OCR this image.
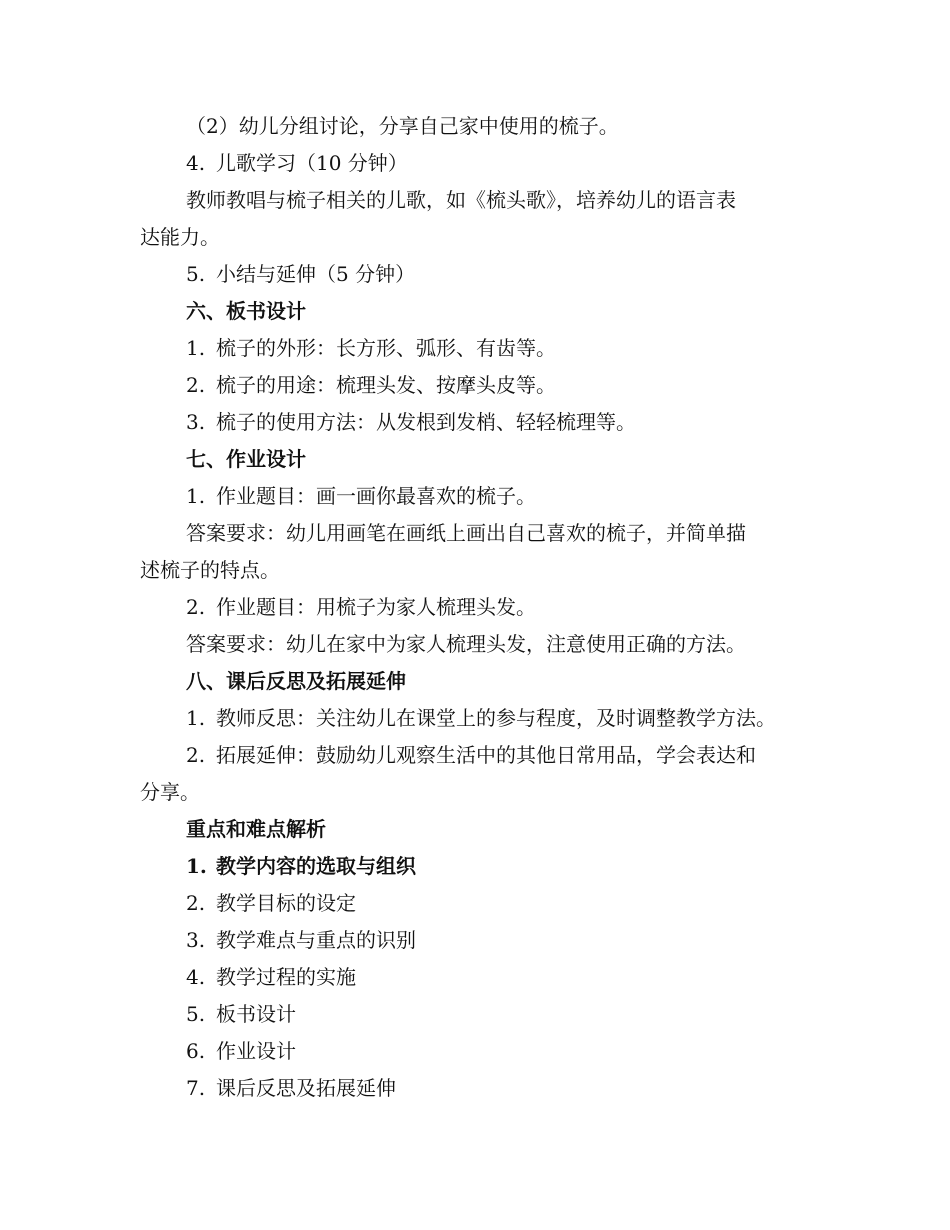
（2）幼儿分组讨论，分享自己家中使用的梳子。
4. 儿歌学习（10 分钟）
教师教唱与梳子相关的儿歌，如《梳头歌》，培养幼儿的语言表
达能力。
5. 小结与延伸（5 分钟）
六、板书设计
1. 梳子的外形：长方形、弧形、有齿等。
2. 梳子的用途：梳理头发、按摩头皮等。
3. 梳子的使用方法：从发根到发梢、轻轻梳理等。
七、作业设计
1. 作业题目：画一画你最喜欢的梳子。
答案要求：幼儿用画笔在画纸上画出自己喜欢的梳子，并简单描
述梳子的特点。
2. 作业题目：用梳子为家人梳理头发。
答案要求：幼儿在家中为家人梳理头发，注意使用正确的方法。
八、课后反思及拓展延伸
1. 教师反思：关注幼儿在课堂上的参与程度，及时调整教学方法。
2. 拓展延伸：鼓励幼儿观察生活中的其他日常用品，学会表达和
分享。
重点和难点解析
1. 教学内容的选取与组织
2. 教学目标的设定
3. 教学难点与重点的识别
4. 教学过程的实施
5. 板书设计
6. 作业设计
7. 课后反思及拓展延伸
